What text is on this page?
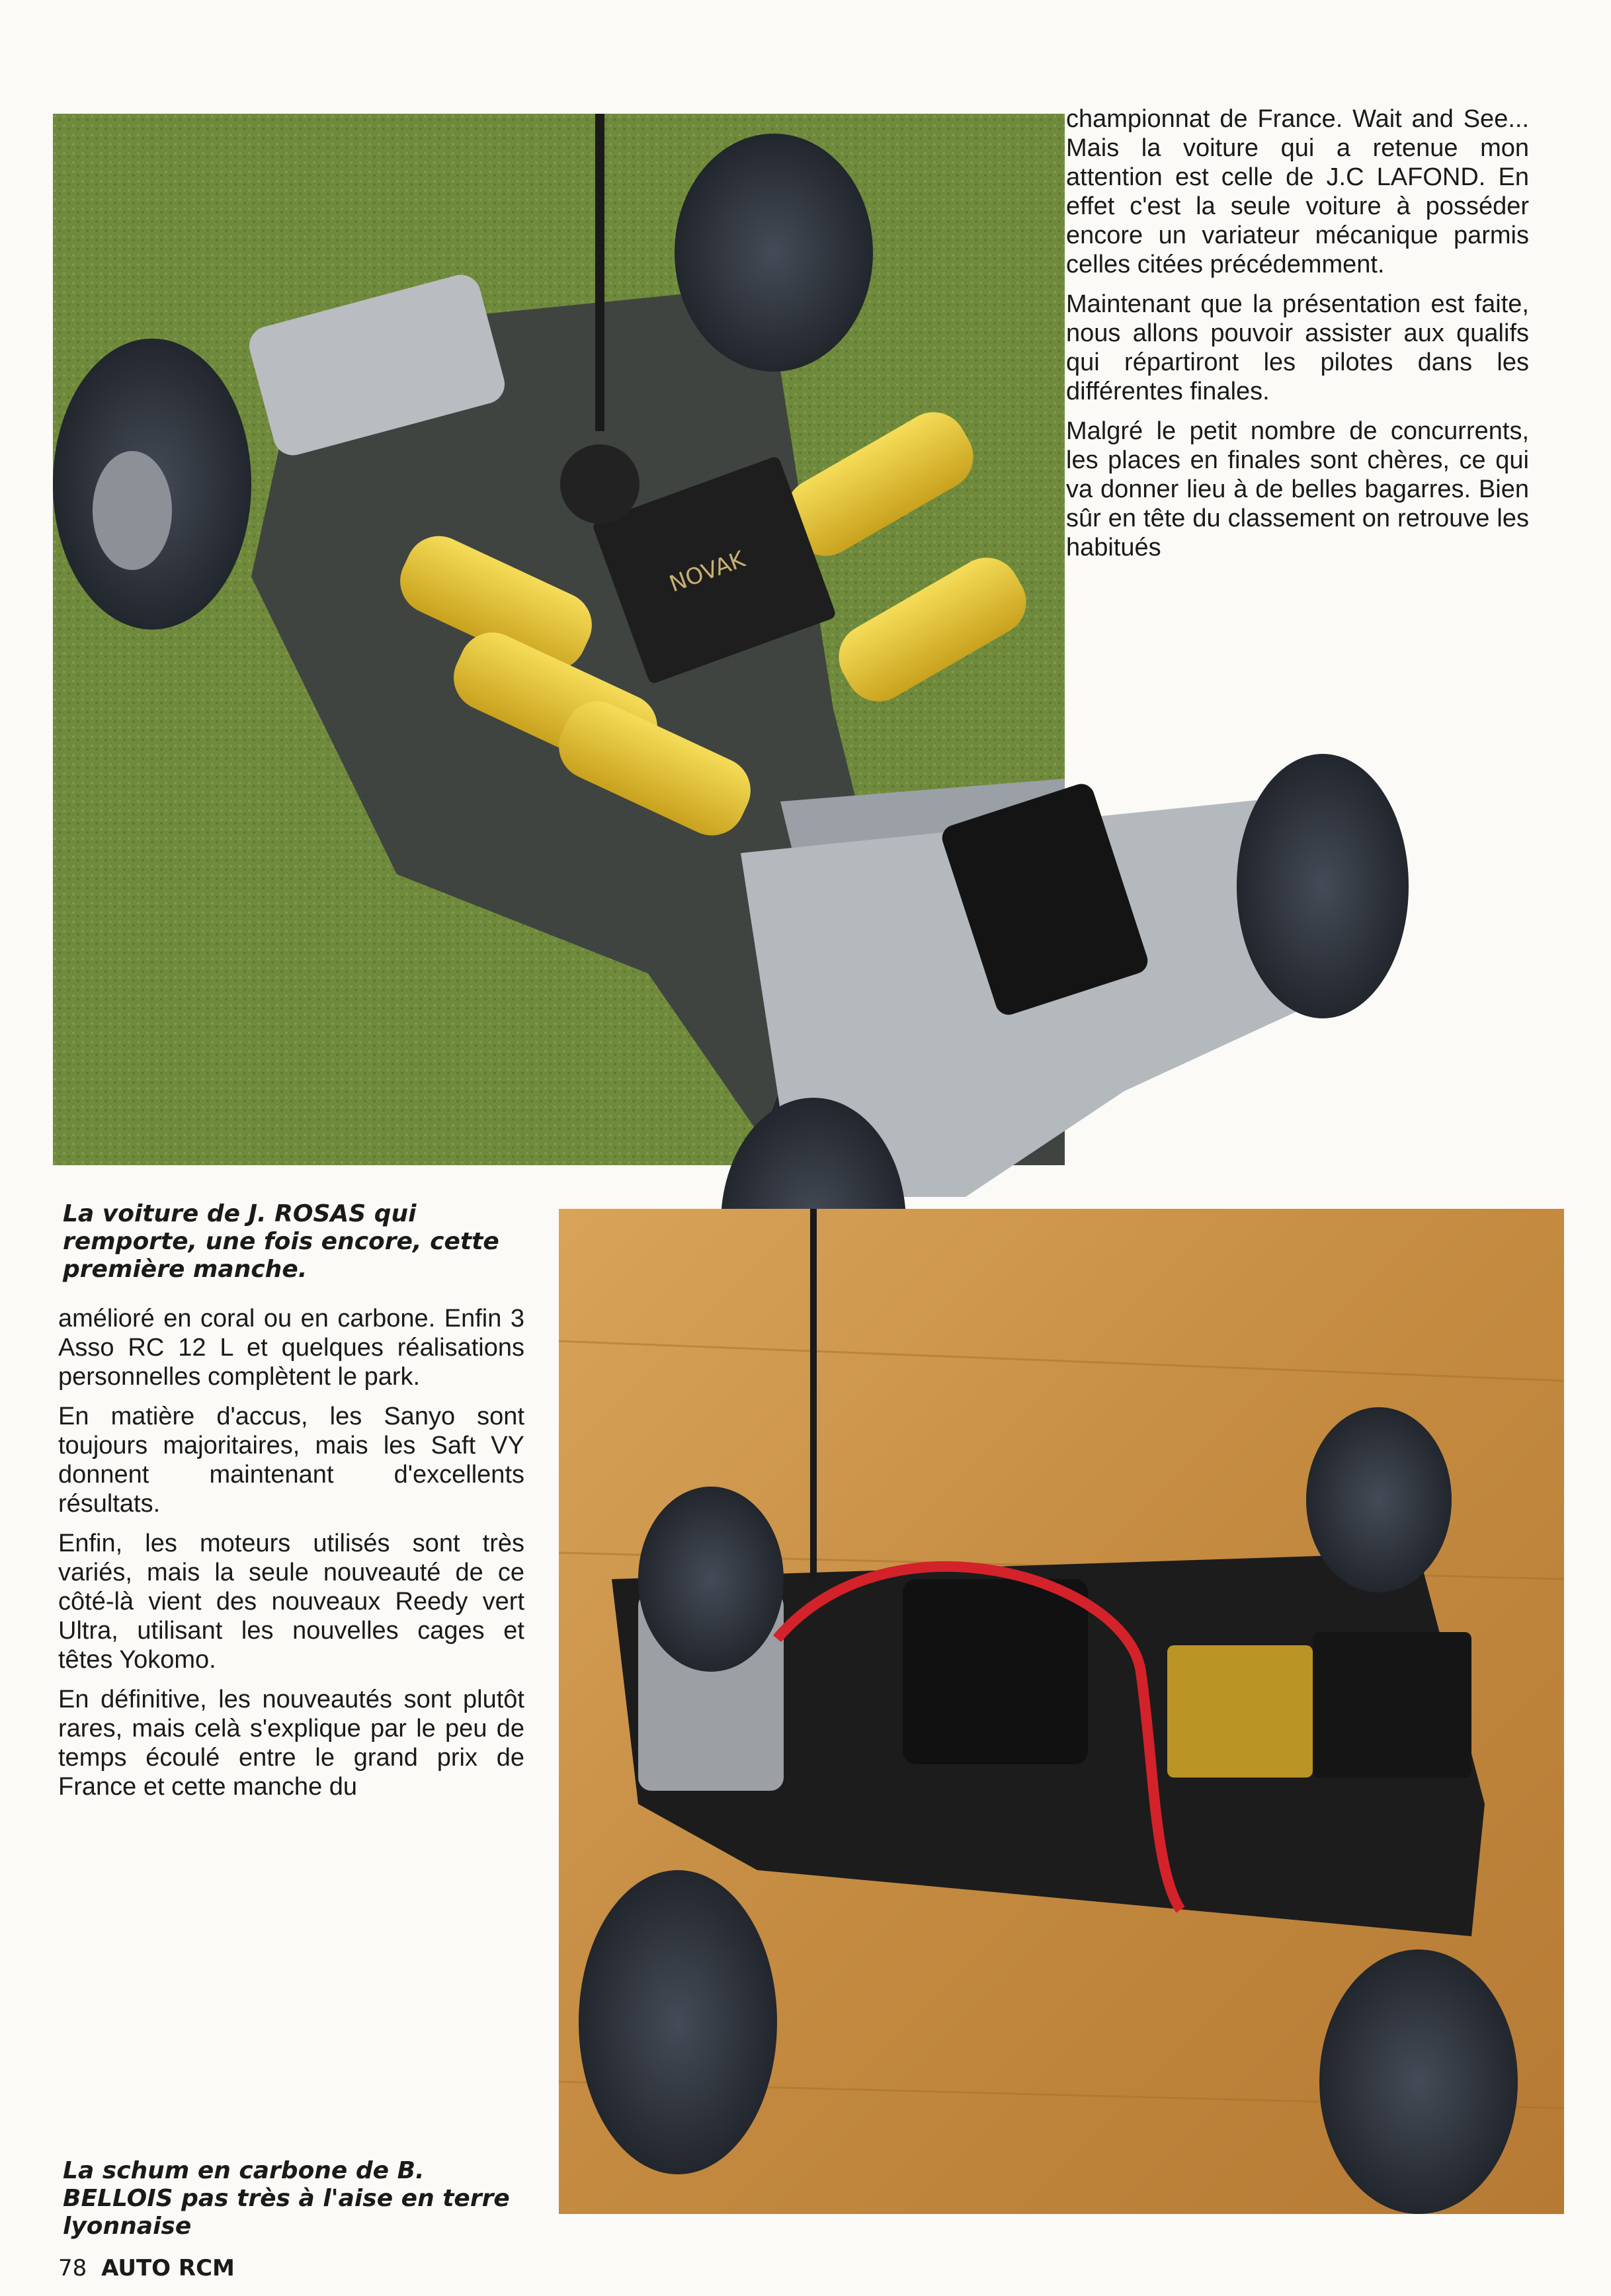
NOVAK

championnat de France. Wait and See... Mais la voiture qui a retenue mon attention est celle de J.C LAFOND. En effet c'est la seule voiture à posséder encore un variateur mécanique parmis celles citées précédemment.

Maintenant que la présentation est faite, nous allons pouvoir assister aux qualifs qui répartiront les pilotes dans les différentes finales.

Malgré le petit nombre de concurrents, les places en finales sont chères, ce qui va donner lieu à de belles bagarres. Bien sûr en tête du classement on retrouve les habitués

La voiture de J. ROSAS qui remporte, une fois encore, cette première manche.

amélioré en coral ou en carbone. Enfin 3 Asso RC 12 L et quelques réalisations personnelles complètent le park.

En matière d'accus, les Sanyo sont toujours majoritaires, mais les Saft VY donnent maintenant d'excellents résultats.

Enfin, les moteurs utilisés sont très variés, mais la seule nouveauté de ce côté-là vient des nouveaux Reedy vert Ultra, utilisant les nouvelles cages et têtes Yokomo.

En définitive, les nouveautés sont plutôt rares, mais celà s'explique par le peu de temps écoulé entre le grand prix de France et cette manche du

La schum en carbone de B. BELLOIS pas très à l'aise en terre lyonnaise
78 AUTO RCM
